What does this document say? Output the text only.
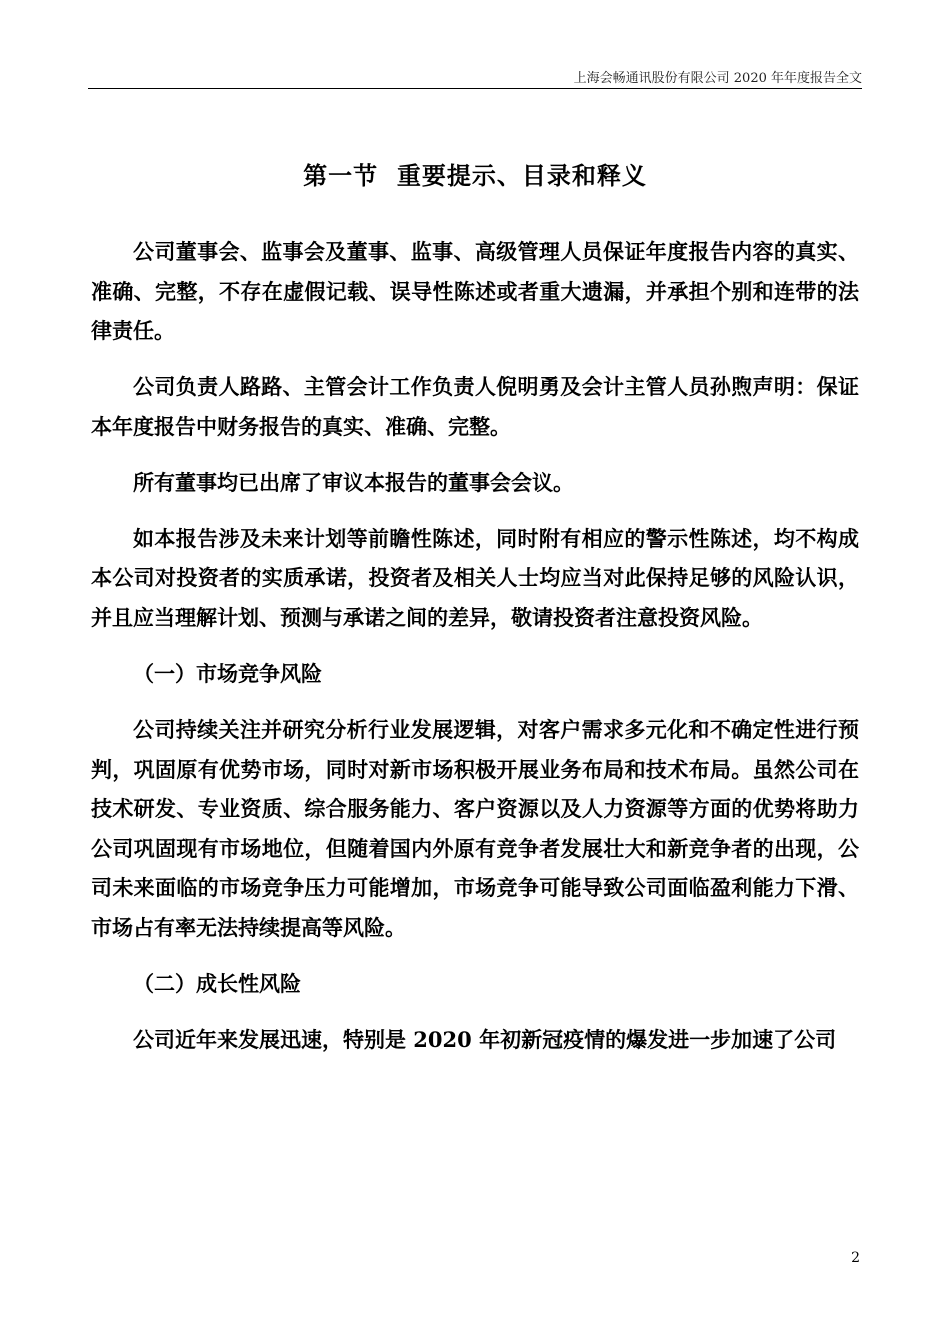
上海会畅通讯股份有限公司 2020 年年度报告全文
第一节  重要提示、目录和释义

公司董事会、监事会及董事、监事、高级管理人员保证年度报告内容的真实、准确、完整，不存在虚假记载、误导性陈述或者重大遗漏，并承担个别和连带的法律责任。

公司负责人路路、主管会计工作负责人倪明勇及会计主管人员孙煦声明：保证本年度报告中财务报告的真实、准确、完整。

所有董事均已出席了审议本报告的董事会会议。

如本报告涉及未来计划等前瞻性陈述，同时附有相应的警示性陈述，均不构成本公司对投资者的实质承诺，投资者及相关人士均应当对此保持足够的风险认识，并且应当理解计划、预测与承诺之间的差异，敬请投资者注意投资风险。

（一）市场竞争风险

公司持续关注并研究分析行业发展逻辑，对客户需求多元化和不确定性进行预判，巩固原有优势市场，同时对新市场积极开展业务布局和技术布局。虽然公司在技术研发、专业资质、综合服务能力、客户资源以及人力资源等方面的优势将助力公司巩固现有市场地位，但随着国内外原有竞争者发展壮大和新竞争者的出现，公司未来面临的市场竞争压力可能增加，市场竞争可能导致公司面临盈利能力下滑、市场占有率无法持续提高等风险。

（二）成长性风险

公司近年来发展迅速，特别是 2020 年初新冠疫情的爆发进一步加速了公司

2
